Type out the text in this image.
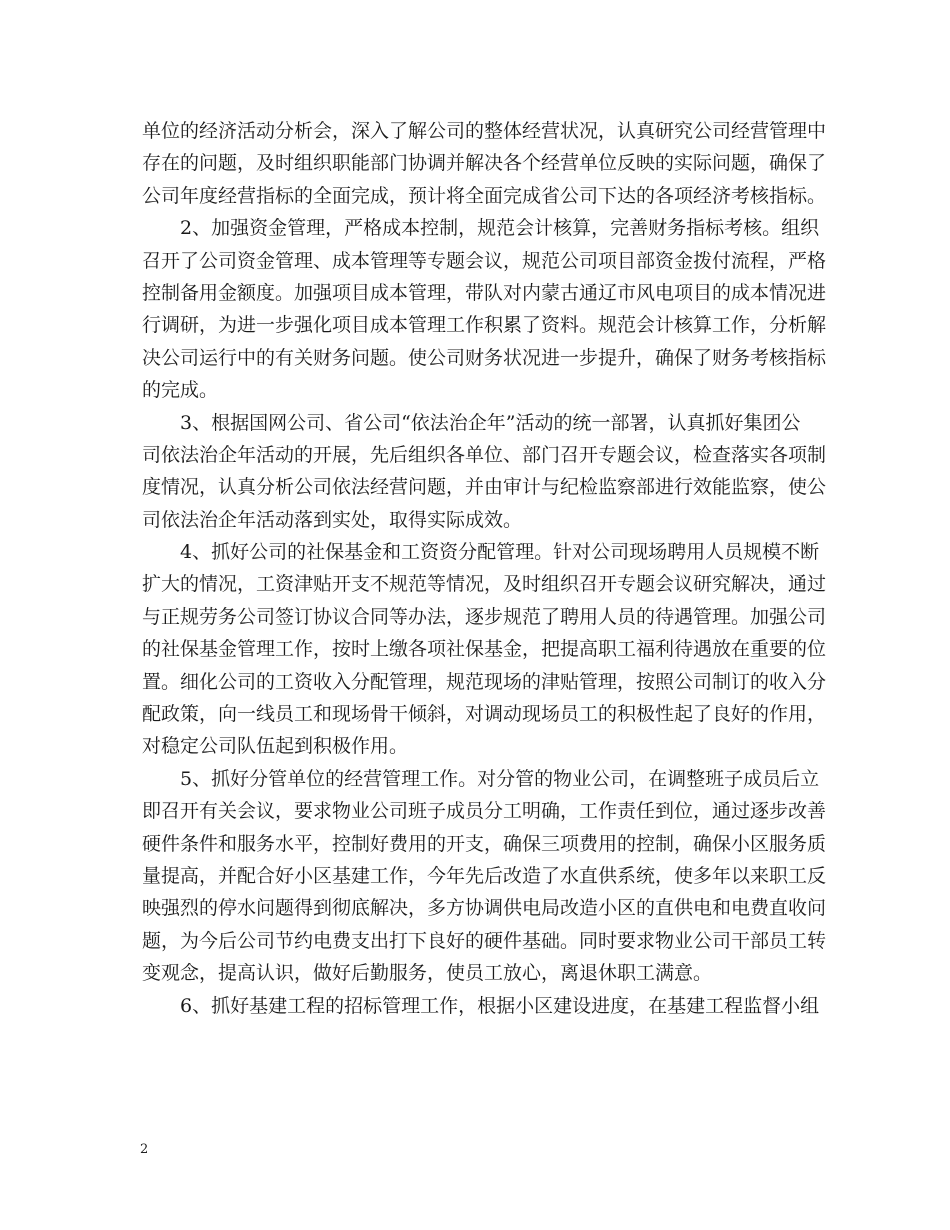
单位的经济活动分析会，深入了解公司的整体经营状况，认真研究公司经营管理中
存在的问题，及时组织职能部门协调并解决各个经营单位反映的实际问题，确保了
公司年度经营指标的全面完成，预计将全面完成省公司下达的各项经济考核指标。
2、加强资金管理，严格成本控制，规范会计核算，完善财务指标考核。组织
召开了公司资金管理、成本管理等专题会议，规范公司项目部资金拨付流程，严格
控制备用金额度。加强项目成本管理，带队对内蒙古通辽市风电项目的成本情况进
行调研，为进一步强化项目成本管理工作积累了资料。规范会计核算工作，分析解
决公司运行中的有关财务问题。使公司财务状况进一步提升，确保了财务考核指标
的完成。
3、根据国网公司、省公司“依法治企年”活动的统一部署，认真抓好集团公
司依法治企年活动的开展，先后组织各单位、部门召开专题会议，检查落实各项制
度情况，认真分析公司依法经营问题，并由审计与纪检监察部进行效能监察，使公
司依法治企年活动落到实处，取得实际成效。
4、抓好公司的社保基金和工资资分配管理。针对公司现场聘用人员规模不断
扩大的情况，工资津贴开支不规范等情况，及时组织召开专题会议研究解决，通过
与正规劳务公司签订协议合同等办法，逐步规范了聘用人员的待遇管理。加强公司
的社保基金管理工作，按时上缴各项社保基金，把提高职工福利待遇放在重要的位
置。细化公司的工资收入分配管理，规范现场的津贴管理，按照公司制订的收入分
配政策，向一线员工和现场骨干倾斜，对调动现场员工的积极性起了良好的作用，
对稳定公司队伍起到积极作用。
5、抓好分管单位的经营管理工作。对分管的物业公司，在调整班子成员后立
即召开有关会议，要求物业公司班子成员分工明确，工作责任到位，通过逐步改善
硬件条件和服务水平，控制好费用的开支，确保三项费用的控制，确保小区服务质
量提高，并配合好小区基建工作，今年先后改造了水直供系统，使多年以来职工反
映强烈的停水问题得到彻底解决，多方协调供电局改造小区的直供电和电费直收问
题，为今后公司节约电费支出打下良好的硬件基础。同时要求物业公司干部员工转
变观念，提高认识，做好后勤服务，使员工放心，离退休职工满意。
6、抓好基建工程的招标管理工作，根据小区建设进度，在基建工程监督小组
2
